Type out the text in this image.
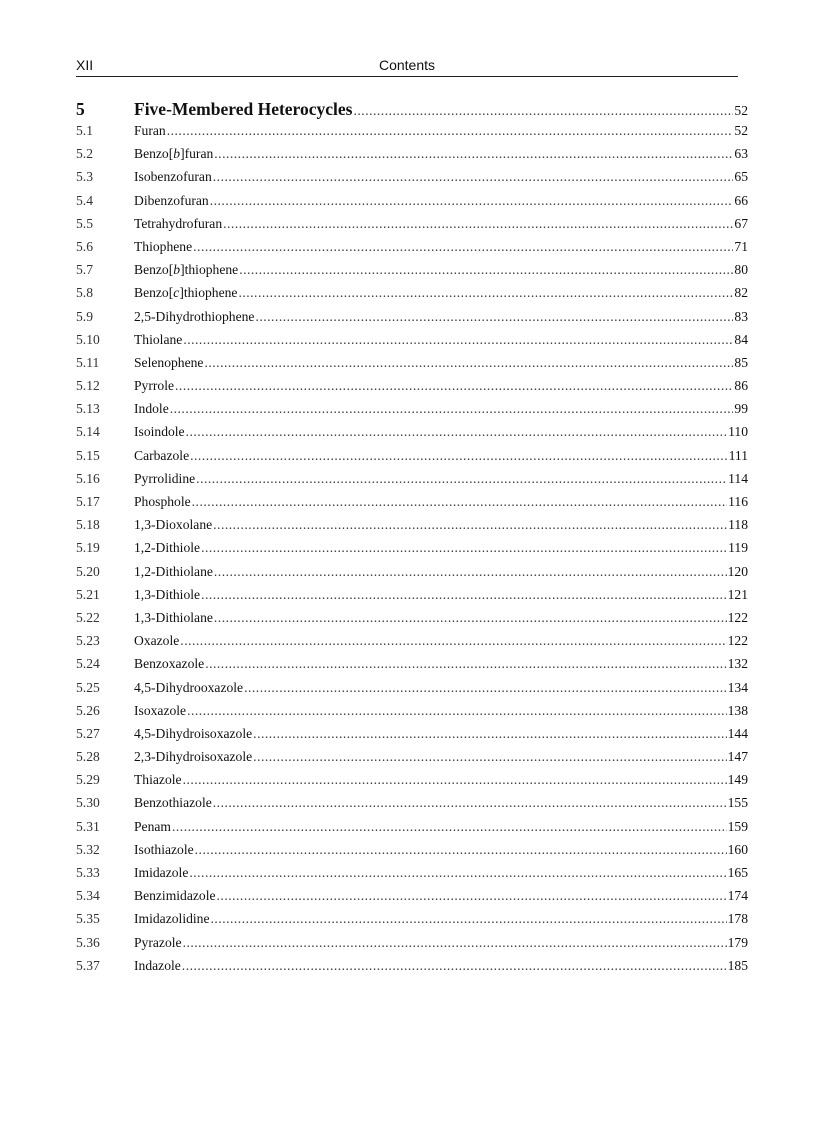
XII	Contents
5	Five-Membered Heterocycles .....	52
5.1	Furan .....	52
5.2	Benzo[b]furan .....	63
5.3	Isobenzofuran .....	65
5.4	Dibenzofuran .....	66
5.5	Tetrahydrofuran .....	67
5.6	Thiophene .....	71
5.7	Benzo[b]thiophene .....	80
5.8	Benzo[c]thiophene .....	82
5.9	2,5-Dihydrothiophene .....	83
5.10	Thiolane .....	84
5.11	Selenophene .....	85
5.12	Pyrrole .....	86
5.13	Indole .....	99
5.14	Isoindole .....	110
5.15	Carbazole .....	111
5.16	Pyrrolidine .....	114
5.17	Phosphole .....	116
5.18	1,3-Dioxolane .....	118
5.19	1,2-Dithiole .....	119
5.20	1,2-Dithiolane .....	120
5.21	1,3-Dithiole .....	121
5.22	1,3-Dithiolane .....	122
5.23	Oxazole .....	122
5.24	Benzoxazole .....	132
5.25	4,5-Dihydrooxazole .....	134
5.26	Isoxazole .....	138
5.27	4,5-Dihydroisoxazole .....	144
5.28	2,3-Dihydroisoxazole .....	147
5.29	Thiazole .....	149
5.30	Benzothiazole .....	155
5.31	Penam .....	159
5.32	Isothiazole .....	160
5.33	Imidazole .....	165
5.34	Benzimidazole .....	174
5.35	Imidazolidine .....	178
5.36	Pyrazole .....	179
5.37	Indazole .....	185
